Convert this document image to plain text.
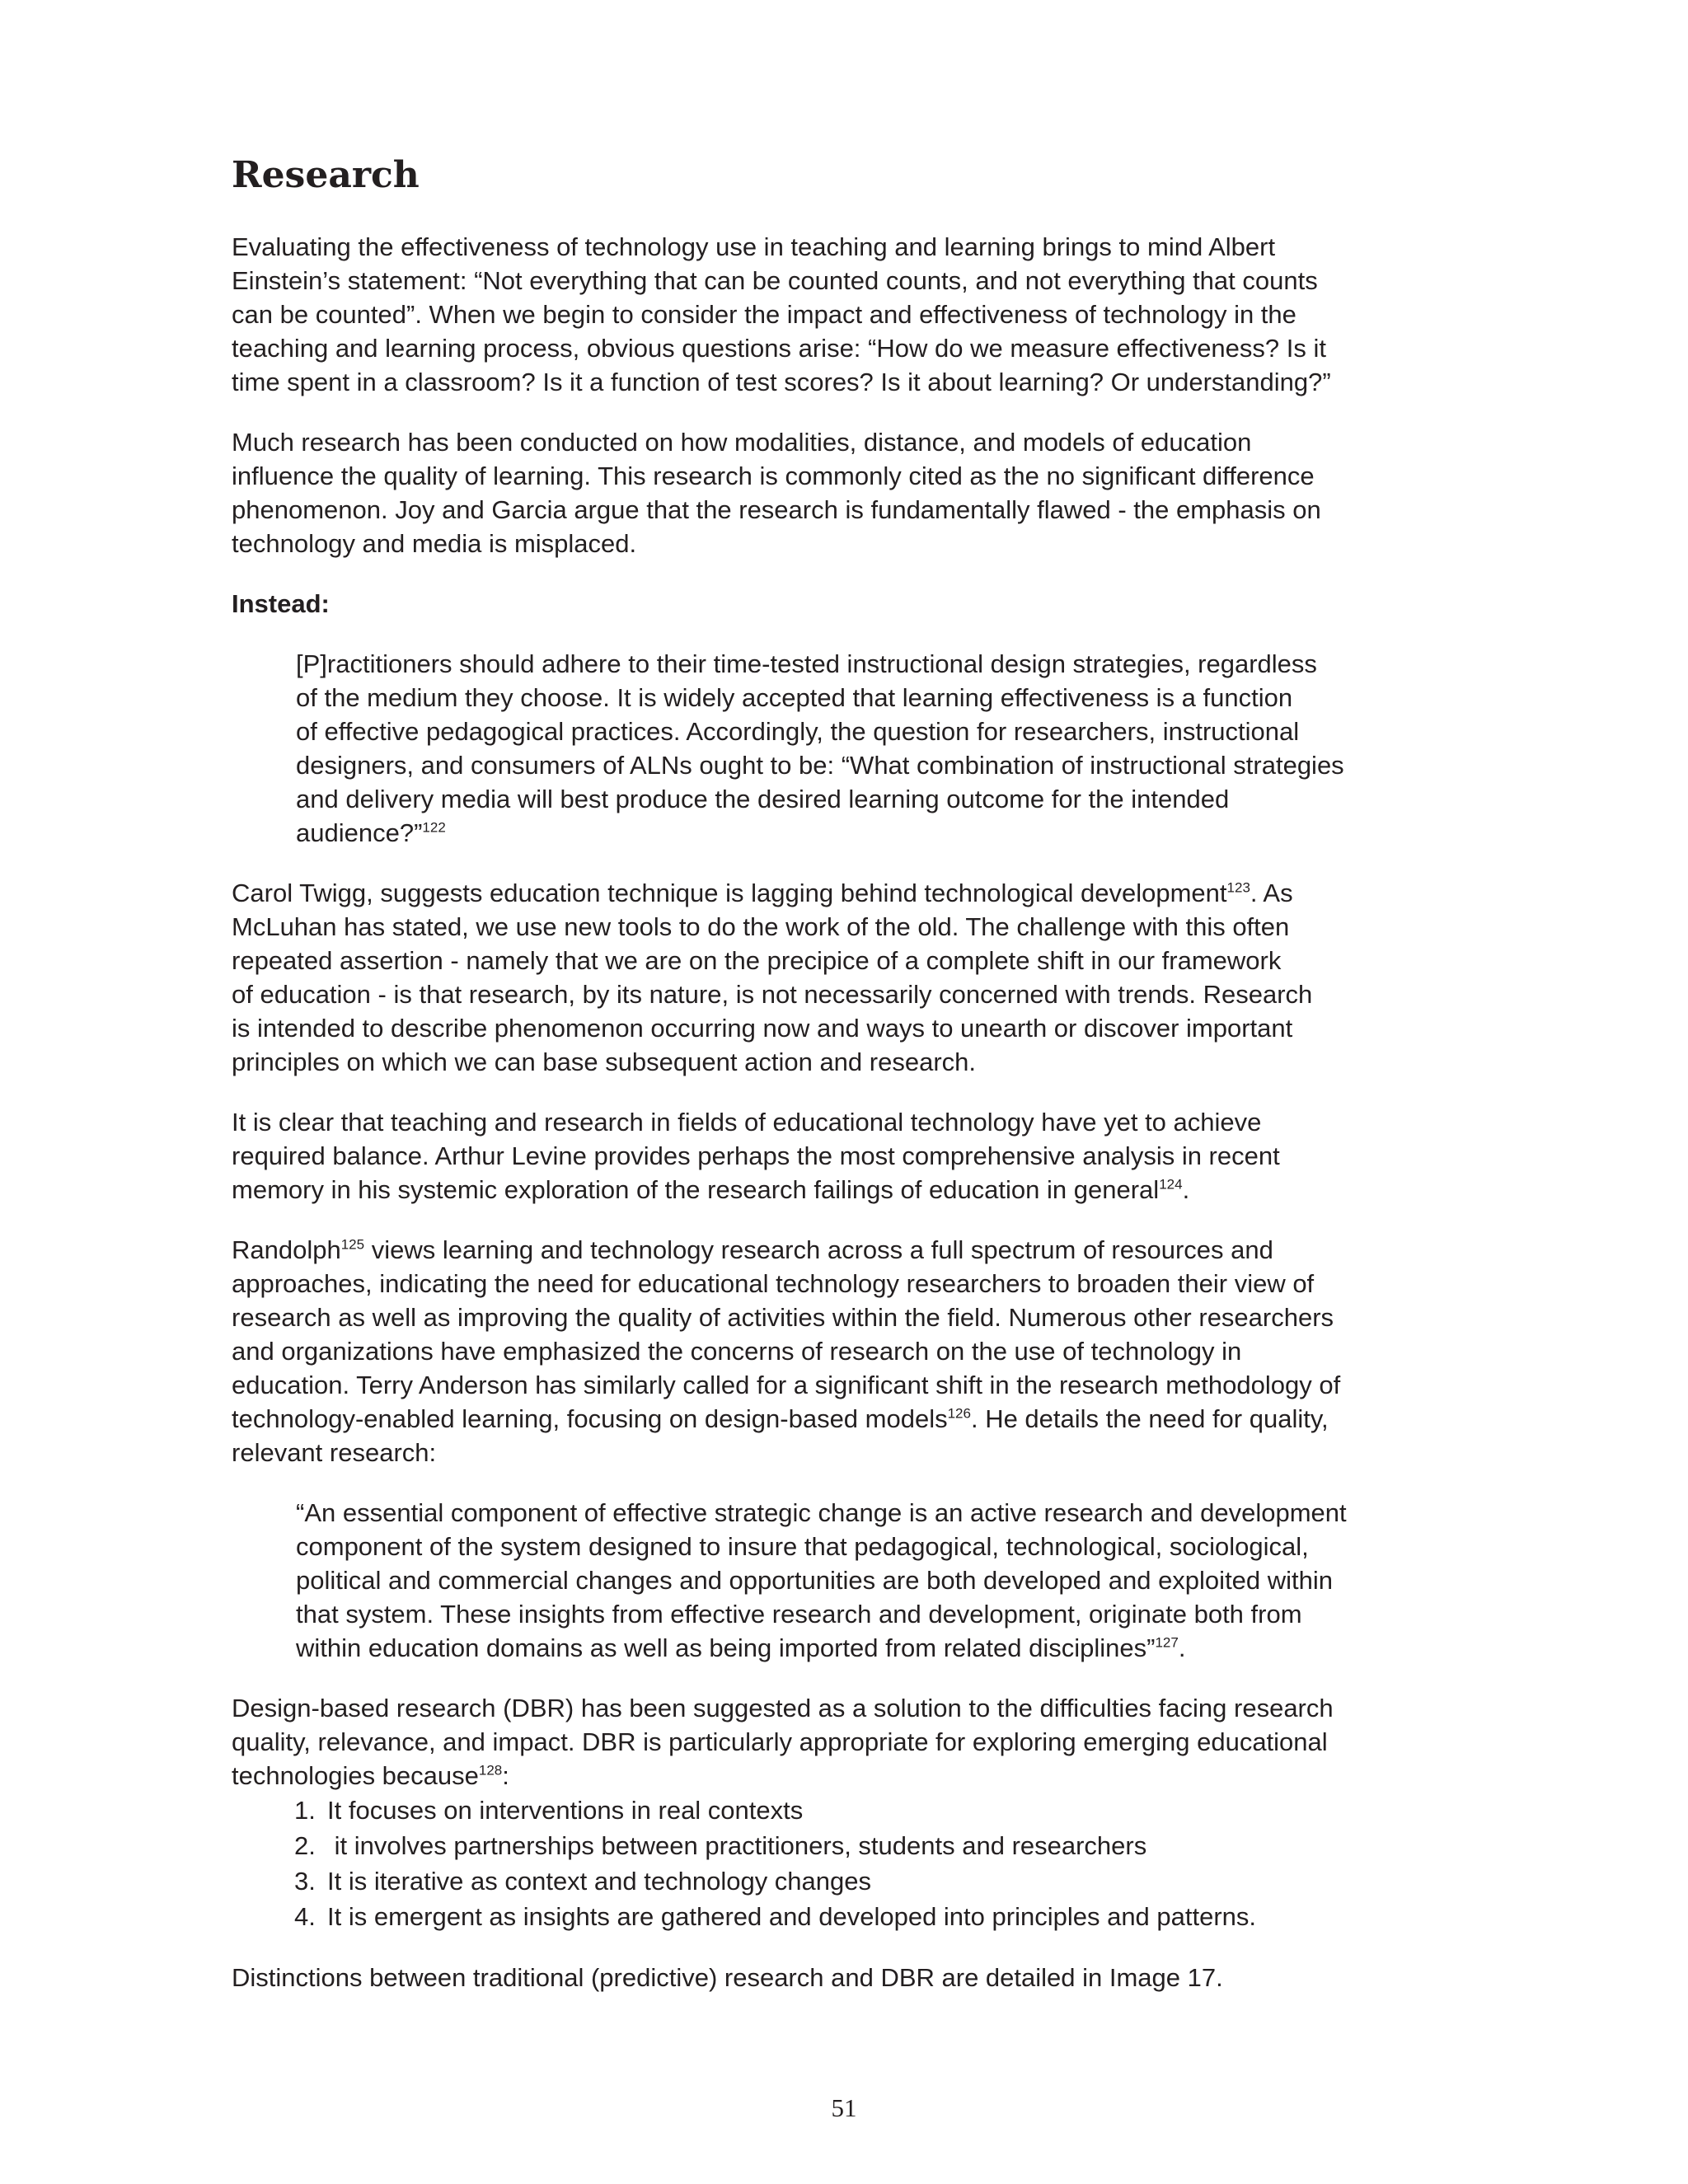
Research

Evaluating the effectiveness of technology use in teaching and learning brings to mind Albert
Einstein’s statement: “Not everything that can be counted counts, and not everything that counts
can be counted”. When we begin to consider the impact and effectiveness of technology in the
teaching and learning process, obvious questions arise: “How do we measure effectiveness? Is it
time spent in a classroom? Is it a function of test scores? Is it about learning? Or understanding?”

Much research has been conducted on how modalities, distance, and models of education
influence the quality of learning. This research is commonly cited as the no significant difference
phenomenon. Joy and Garcia argue that the research is fundamentally flawed - the emphasis on
technology and media is misplaced.

Instead:

[P]ractitioners should adhere to their time-tested instructional design strategies, regardless
of the medium they choose. It is widely accepted that learning effectiveness is a function
of effective pedagogical practices. Accordingly, the question for researchers, instructional
designers, and consumers of ALNs ought to be: “What combination of instructional strategies
and delivery media will best produce the desired learning outcome for the intended
audience?”$^{122}$

Carol Twigg, suggests education technique is lagging behind technological development$^{123}$. As
McLuhan has stated, we use new tools to do the work of the old. The challenge with this often
repeated assertion - namely that we are on the precipice of a complete shift in our framework
of education - is that research, by its nature, is not necessarily concerned with trends. Research
is intended to describe phenomenon occurring now and ways to unearth or discover important
principles on which we can base subsequent action and research.

It is clear that teaching and research in fields of educational technology have yet to achieve
required balance. Arthur Levine provides perhaps the most comprehensive analysis in recent
memory in his systemic exploration of the research failings of education in general$^{124}$.

Randolph$^{125}$ views learning and technology research across a full spectrum of resources and
approaches, indicating the need for educational technology researchers to broaden their view of
research as well as improving the quality of activities within the field. Numerous other researchers
and organizations have emphasized the concerns of research on the use of technology in
education. Terry Anderson has similarly called for a significant shift in the research methodology of
technology-enabled learning, focusing on design-based models$^{126}$. He details the need for quality,
relevant research:

“An essential component of effective strategic change is an active research and development
component of the system designed to insure that pedagogical, technological, sociological,
political and commercial changes and opportunities are both developed and exploited within
that system. These insights from effective research and development, originate both from
within education domains as well as being imported from related disciplines”$^{127}$.

Design-based research (DBR) has been suggested as a solution to the difficulties facing research
quality, relevance, and impact. DBR is particularly appropriate for exploring emerging educational
technologies because$^{128}$:

1. It focuses on interventions in real contexts
2. it involves partnerships between practitioners, students and researchers
3. It is iterative as context and technology changes
4. It is emergent as insights are gathered and developed into principles and patterns.

Distinctions between traditional (predictive) research and DBR are detailed in Image 17.

51
